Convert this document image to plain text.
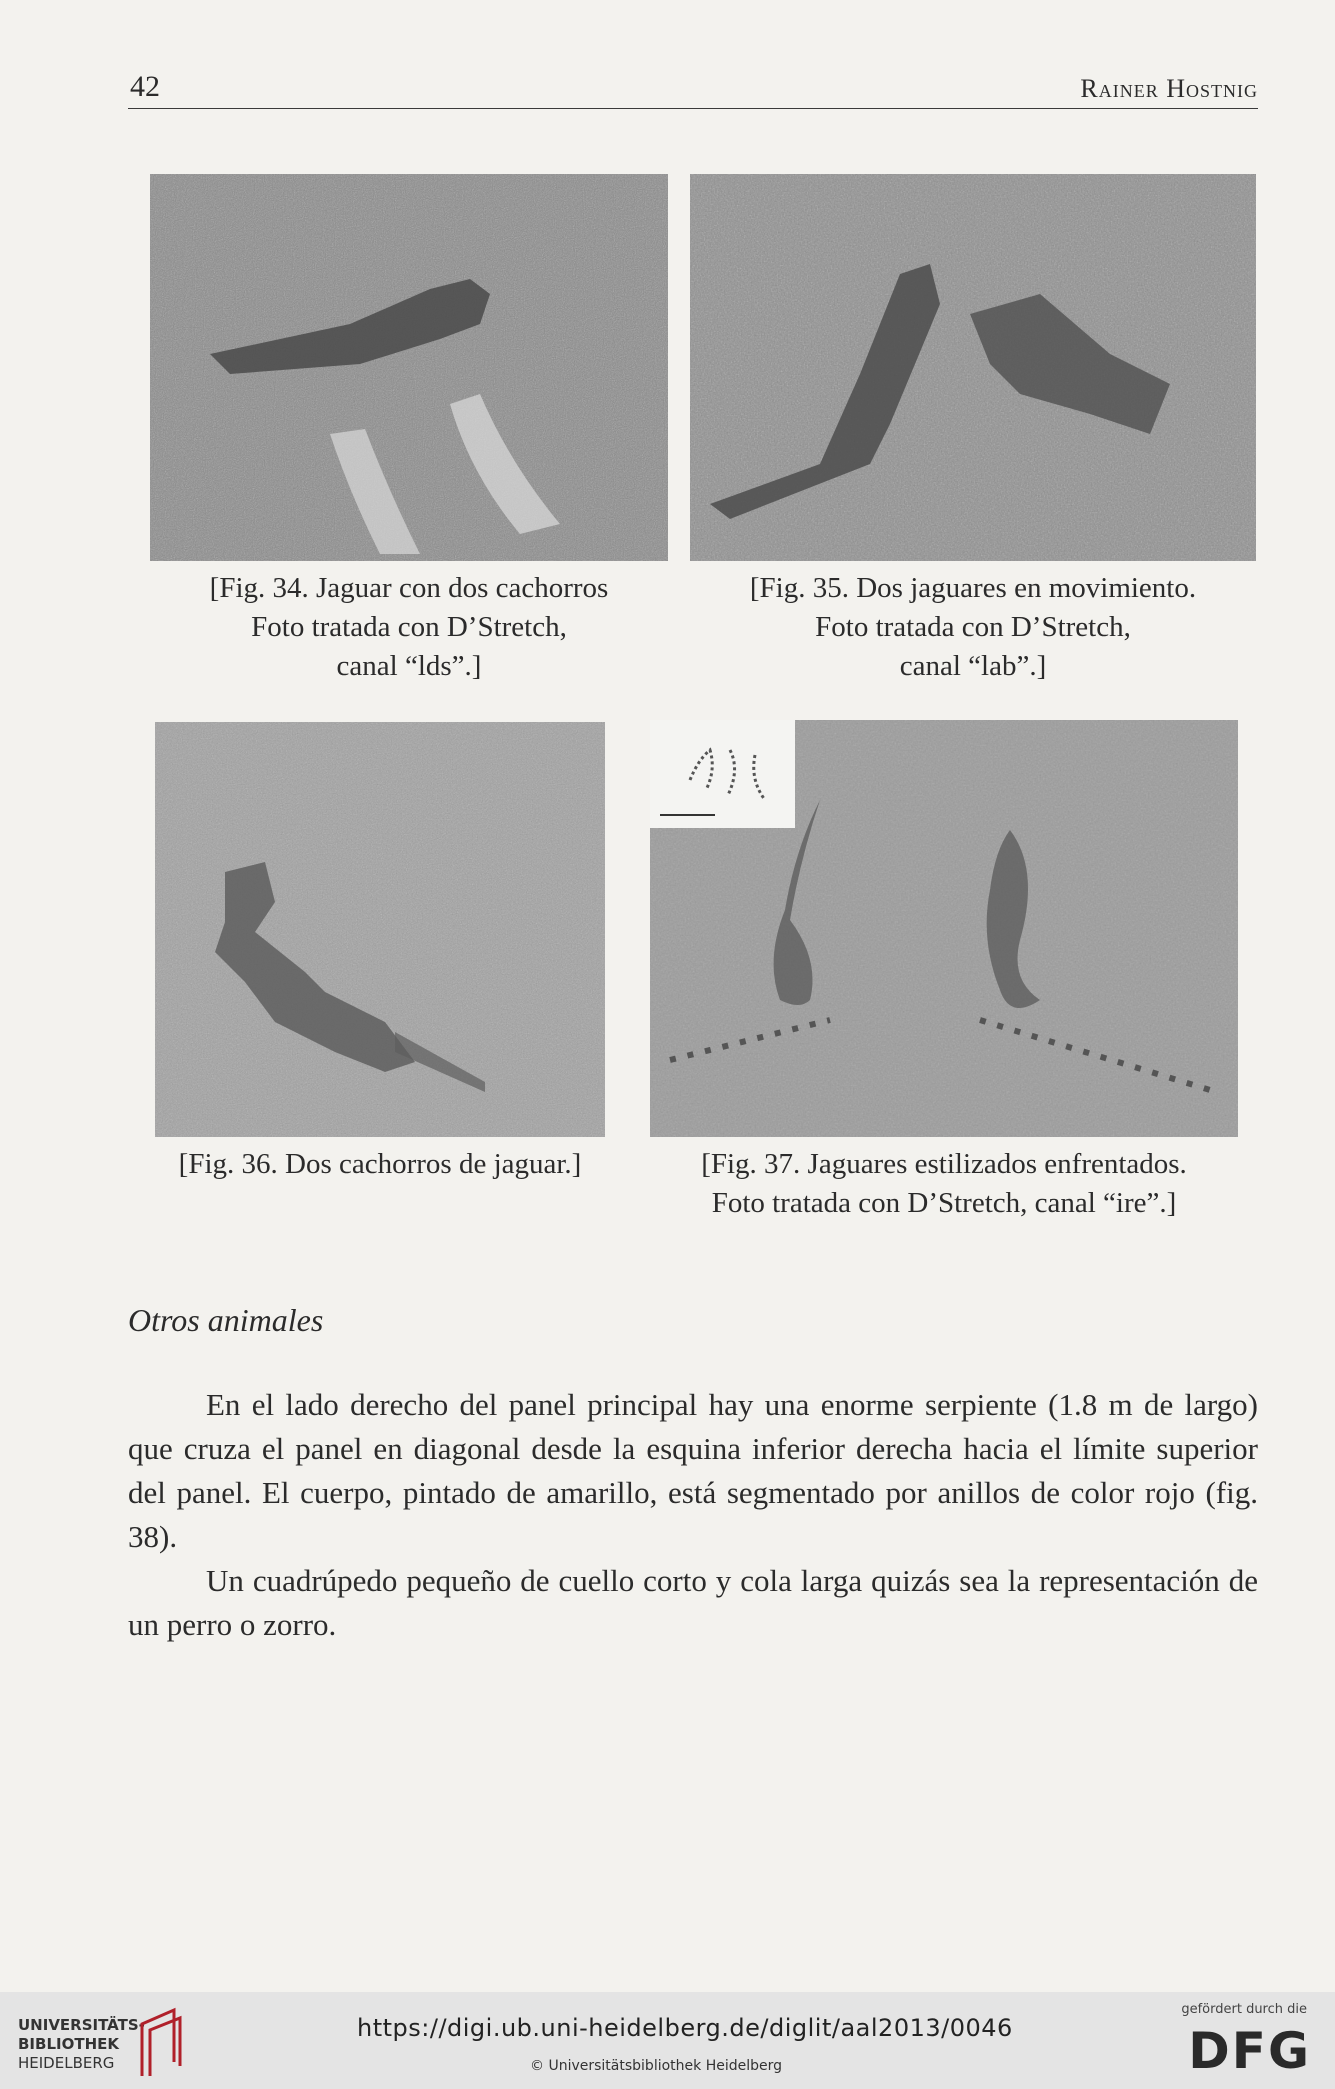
42	Rainer Hostnig
[Fig. 34. Jaguar con dos cachorros
Foto tratada con D’Stretch,
canal “lds”.]
[Fig. 35. Dos jaguares en movimiento.
Foto tratada con D’Stretch,
canal “lab”.]
[Fig. 36. Dos cachorros de jaguar.]	[Fig. 37. Jaguares estilizados enfrentados.
Foto tratada con D’Stretch, canal “ire”.]
Otros animales

En el lado derecho del panel principal hay una enorme serpiente (1.8 m de largo) que cruza el panel en diagonal desde la esquina inferior derecha hacia el límite superior del panel. El cuerpo, pintado de amarillo, está segmentado por anillos de color rojo (fig. 38).

Un cuadrúpedo pequeño de cuello corto y cola larga quizás sea la representación de un perro o zorro.

UNIVERSITÄTS-
BIBLIOTHEK
HEIDELBERG
https://digi.ub.uni-heidelberg.de/diglit/aal2013/0046
© Universitätsbibliothek Heidelberg
gefördert durch die
DFG
